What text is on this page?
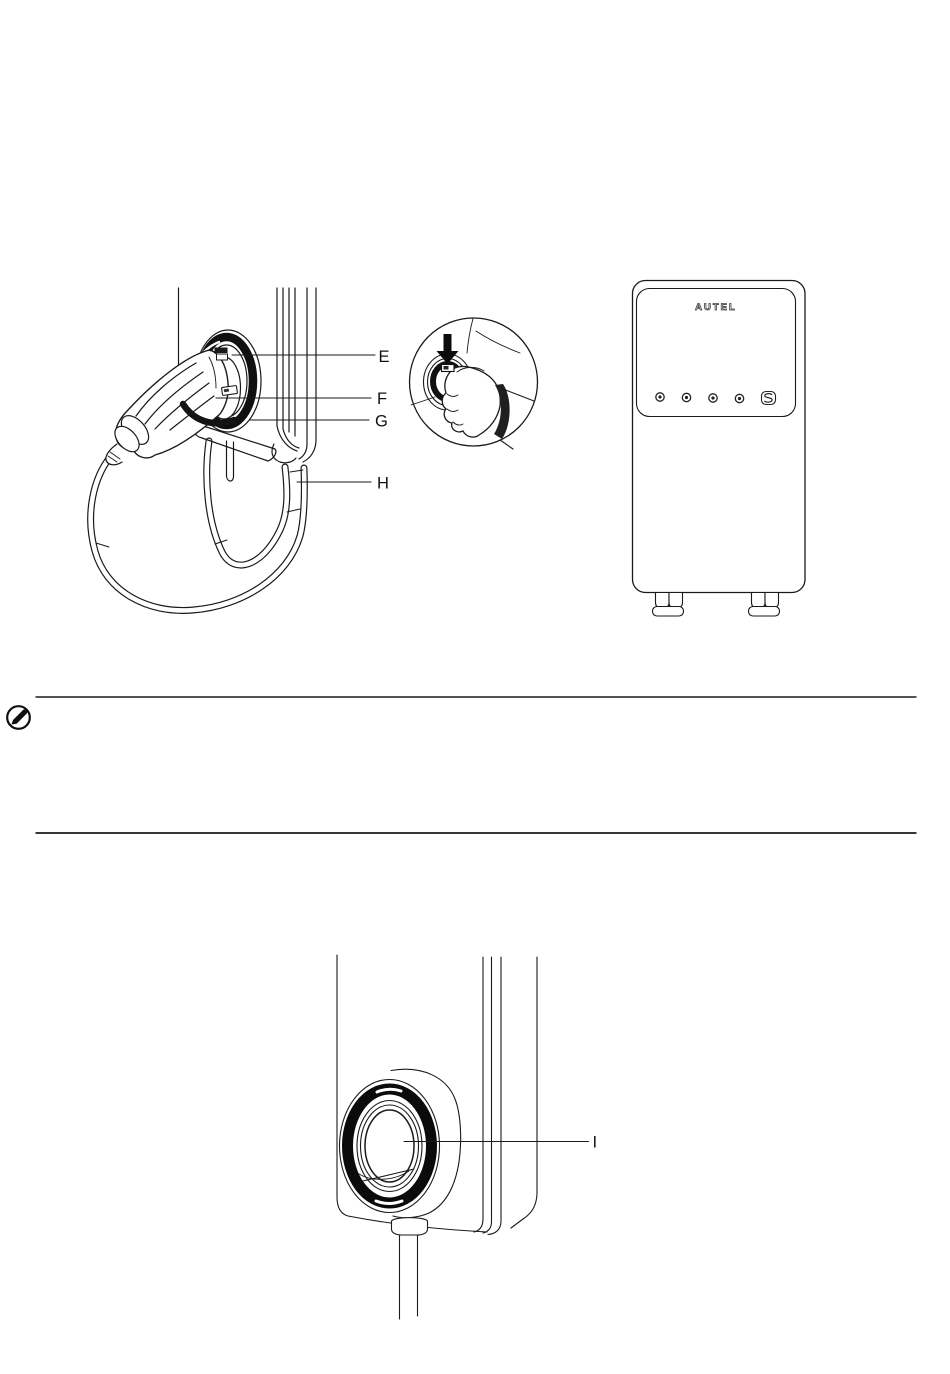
E
F
G
H
AUTEL
I
